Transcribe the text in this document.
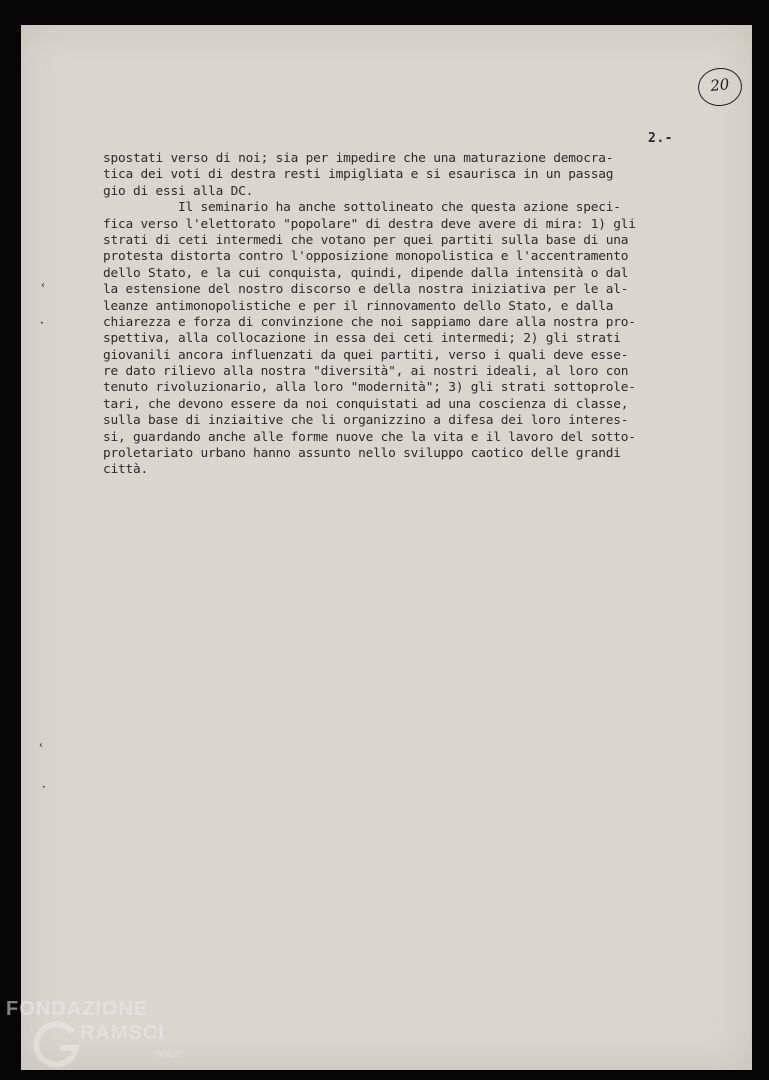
20
2.-
spostati verso di noi; sia per impedire che una maturazione democra-
tica dei voti di destra resti impigliata e si esaurisca in un passag
gio di essi alla DC.
Il seminario ha anche sottolineato che questa azione speci-
fica verso l'elettorato "popolare" di destra deve avere di mira: 1) gli
strati di ceti intermedi che votano per quei partiti sulla base di una
protesta distorta contro l'opposizione monopolistica e l'accentramento
dello Stato, e la cui conquista, quindi, dipende dalla intensità o dal
la estensione del nostro discorso e della nostra iniziativa per le al-
leanze antimonopolistiche e per il rinnovamento dello Stato, e dalla
chiarezza e forza di convinzione che noi sappiamo dare alla nostra pro-
spettiva, alla collocazione in essa dei ceti intermedi; 2) gli strati
giovanili ancora influenzati da quei partiti, verso i quali deve esse-
re dato rilievo alla nostra "diversità", ai nostri ideali, al loro con
tenuto rivoluzionario, alla loro "modernità"; 3) gli strati sottoprole-
tari, che devono essere da noi conquistati ad una coscienza di classe,
sulla base di inziaitive che li organizzino a difesa dei loro interes-
si, guardando anche alle forme nuove che la vita e il lavoro del sotto-
proletariato urbano hanno assunto nello sviluppo caotico delle grandi
città.
‹
•
‹
•
FONDAZIONE
RAMSCI
onlus
